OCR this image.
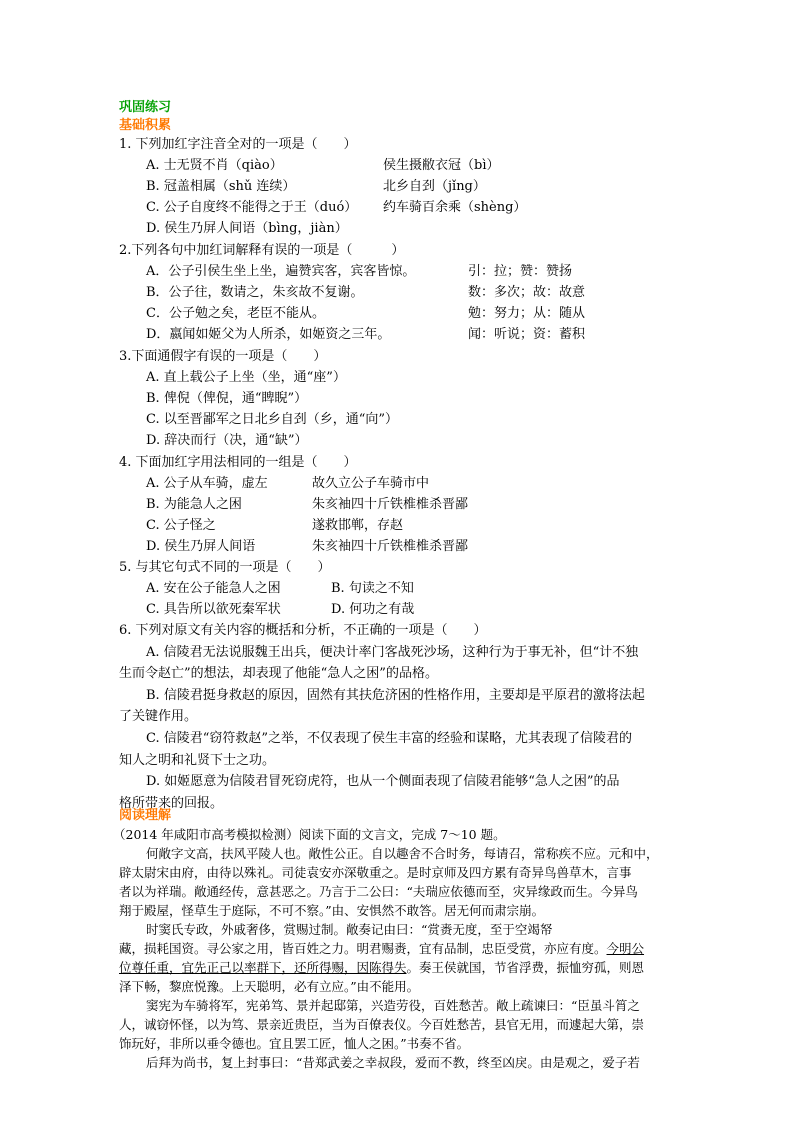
巩固练习
基础积累
1. 下列加红字注音全对的一项是（　　）
A. 士无贤不肖（qiào）	侯生摄敝衣冠（bì）
B. 冠盖相属（shǔ 连续）	北乡自刭（jǐng）
C. 公子自度终不能得之于王（duó） 约车骑百余乘（shèng）
D. 侯生乃屏人间语（bìng，jiàn）
2.下列各句中加红词解释有误的一项是（　　　）
A．公子引侯生坐上坐，遍赞宾客，宾客皆惊。	引：拉；赞：赞扬
B．公子往，数请之，朱亥故不复谢。	数：多次；故：故意
C．公子勉之矣，老臣不能从。	勉：努力；从：随从
D．嬴闻如姬父为人所杀，如姬资之三年。	闻：听说；资：蓄积
3.下面通假字有误的一项是（　　）
A. 直上载公子上坐（坐，通“座”）
B. 俾倪（俾倪，通“睥睨”）
C. 以至晋鄙军之日北乡自刭（乡，通“向”）
D. 辞决而行（决，通“缺”）
4. 下面加红字用法相同的一组是（　　）
A. 公子从车骑，虚左	故久立公子车骑市中
B. 为能急人之困	朱亥袖四十斤铁椎椎杀晋鄙
C. 公子怪之	遂救邯郸，存赵
D. 侯生乃屏人间语	朱亥袖四十斤铁椎椎杀晋鄙
5. 与其它句式不同的一项是（　　）
A. 安在公子能急人之困	B. 句读之不知
C. 具告所以欲死秦军状	D. 何功之有哉
6. 下列对原文有关内容的概括和分析，不正确的一项是（　　）
A. 信陵君无法说服魏王出兵，便决计率门客战死沙场，这种行为于事无补，但“计不独
生而令赵亡”的想法，却表现了他能“急人之困”的品格。
B. 信陵君挺身救赵的原因，固然有其扶危济困的性格作用，主要却是平原君的激将法起
了关键作用。
C. 信陵君“窃符救赵”之举，不仅表现了侯生丰富的经验和谋略，尤其表现了信陵君的
知人之明和礼贤下士之功。
D. 如姬愿意为信陵君冒死窃虎符，也从一个侧面表现了信陵君能够“急人之困”的品
格所带来的回报。
阅读理解
（2014 年咸阳市高考模拟检测）阅读下面的文言文，完成 7～10 题。
何敞字文高，扶风平陵人也。敞性公正。自以趣舍不合时务，每请召，常称疾不应。元和中，
辟太尉宋由府，由待以殊礼。司徒袁安亦深敬重之。是时京师及四方累有奇异鸟兽草木，言事
者以为祥瑞。敞通经传，意甚恶之。乃言于二公曰：“夫瑞应依德而至，灾异缘政而生。今异鸟
翔于殿屋，怪草生于庭际，不可不察。”由、安惧然不敢答。居无何而肃宗崩。
时窦氏专政，外戚奢侈，赏赐过制。敞奏记由曰：“赏赉无度，至于空竭帑
藏，损耗国资。寻公家之用，皆百姓之力。明君赐赉，宜有品制，忠臣受赏，亦应有度。今明公
位尊任重，宜先正己以率群下，还所得赐，因陈得失。奏王侯就国，节省浮费，振恤穷孤，则恩
泽下畅，黎庶悦豫。上天聪明，必有立应。”由不能用。
窦宪为车骑将军，宪弟笃、景并起邸第，兴造劳役，百姓愁苦。敞上疏谏曰：“臣虽斗筲之
人，诚窃怀怪，以为笃、景亲近贵臣，当为百僚表仪。今百姓愁苦，县官无用，而遽起大第，崇
饰玩好，非所以垂令德也。宜且罢工匠，恤人之困。”书奏不省。
后拜为尚书，复上封事曰：“昔郑武姜之幸叔段，爱而不教，终至凶戾。由是观之，爱子若
